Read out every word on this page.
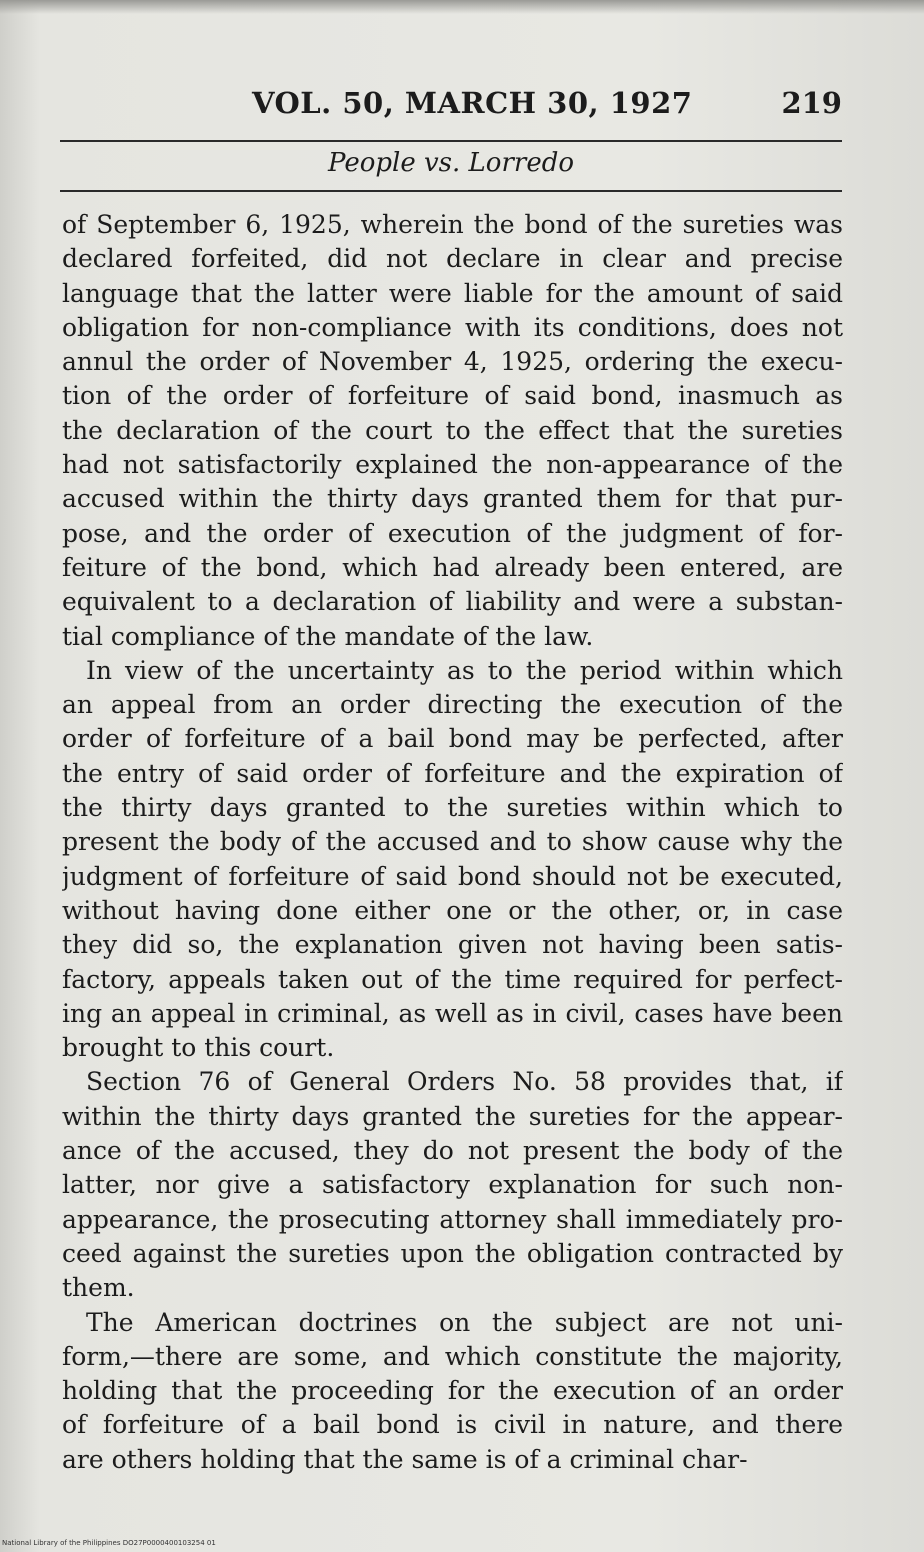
VOL. 50, MARCH 30, 1927	219
People vs. Lorredo
of September 6, 1925, wherein the bond of the sureties was
declared forfeited, did not declare in clear and precise
language that the latter were liable for the amount of said
obligation for non-compliance with its conditions, does not
annul the order of November 4, 1925, ordering the execu-
tion of the order of forfeiture of said bond, inasmuch as
the declaration of the court to the effect that the sureties
had not satisfactorily explained the non-appearance of the
accused within the thirty days granted them for that pur-
pose, and the order of execution of the judgment of for-
feiture of the bond, which had already been entered, are
equivalent to a declaration of liability and were a substan-
tial compliance of the mandate of the law.
In view of the uncertainty as to the period within which
an appeal from an order directing the execution of the
order of forfeiture of a bail bond may be perfected, after
the entry of said order of forfeiture and the expiration of
the thirty days granted to the sureties within which to
present the body of the accused and to show cause why the
judgment of forfeiture of said bond should not be executed,
without having done either one or the other, or, in case
they did so, the explanation given not having been satis-
factory, appeals taken out of the time required for perfect-
ing an appeal in criminal, as well as in civil, cases have been
brought to this court.
Section 76 of General Orders No. 58 provides that, if
within the thirty days granted the sureties for the appear-
ance of the accused, they do not present the body of the
latter, nor give a satisfactory explanation for such non-
appearance, the prosecuting attorney shall immediately pro-
ceed against the sureties upon the obligation contracted by
them.
The American doctrines on the subject are not uni-
form,—there are some, and which constitute the majority,
holding that the proceeding for the execution of an order
of forfeiture of a bail bond is civil in nature, and there
are others holding that the same is of a criminal char-
National Library of the Philippines DO27P0000400103254 01
